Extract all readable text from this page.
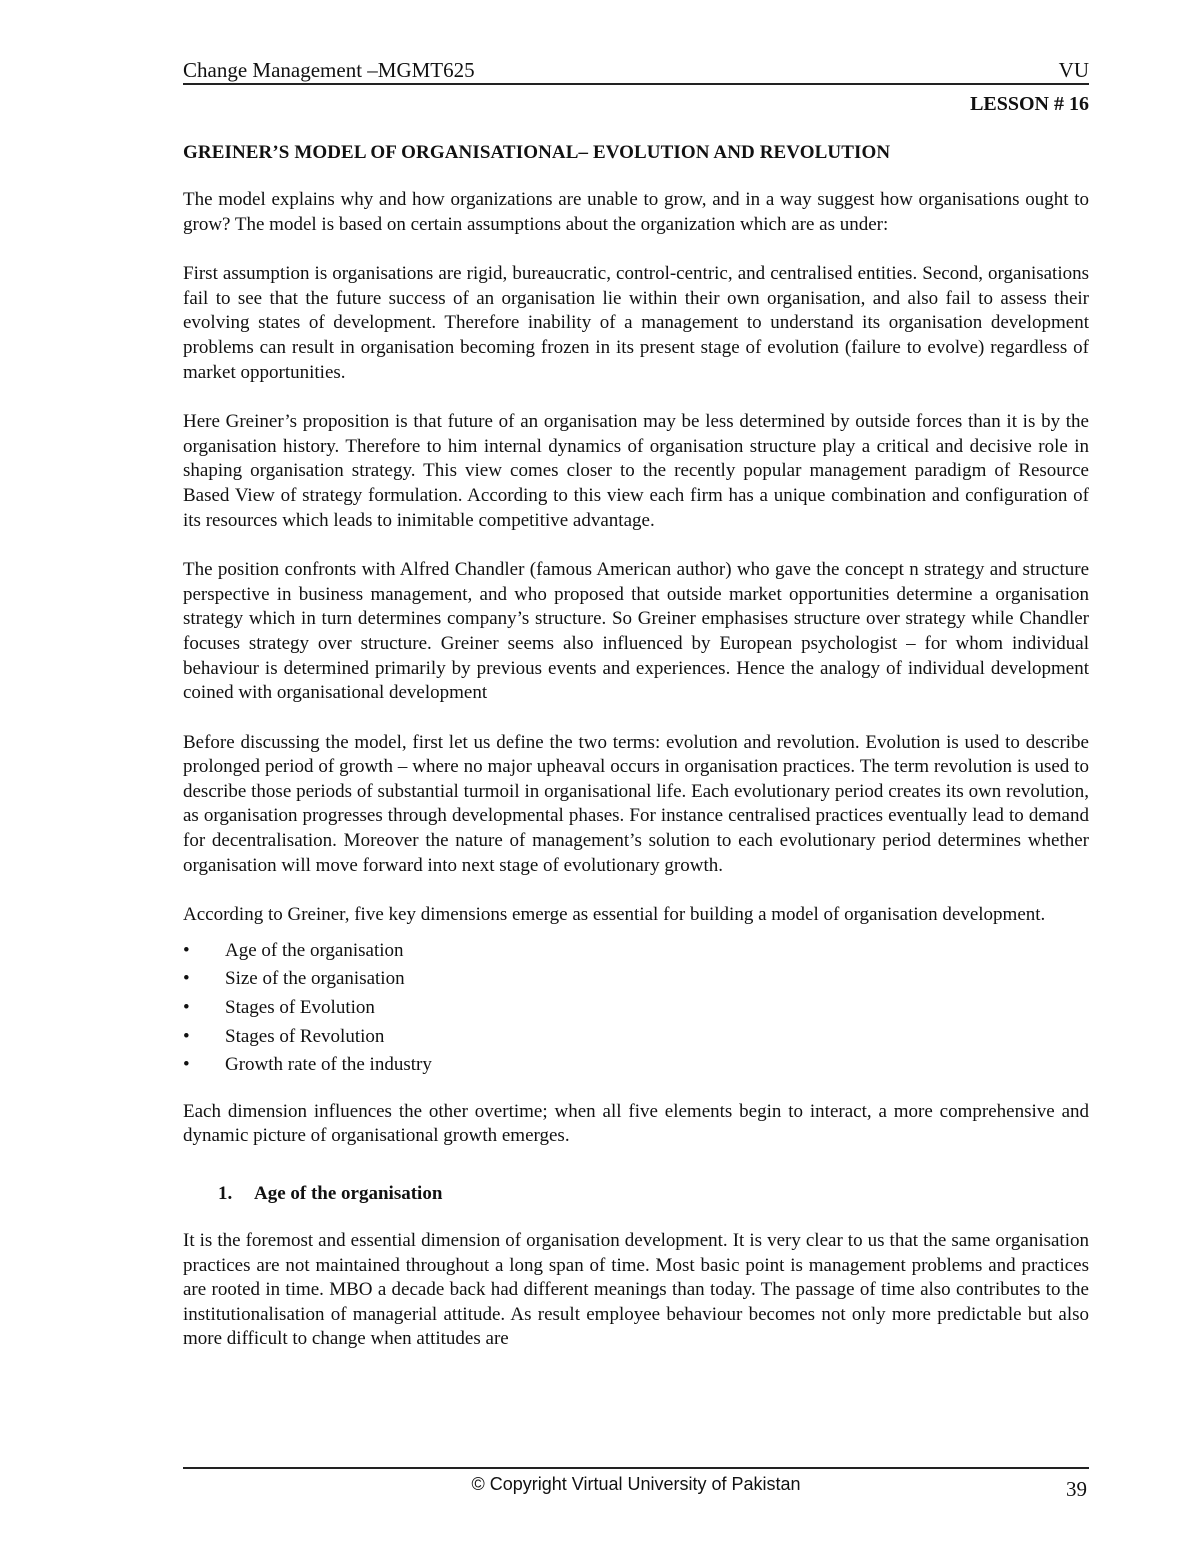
Change Management –MGMT625	VU
LESSON # 16
GREINER’S MODEL OF ORGANISATIONAL– EVOLUTION AND REVOLUTION

The model explains why and how organizations are unable to grow, and in a way suggest how organisations ought to grow? The model is based on certain assumptions about the organization which are as under:

First assumption is organisations are rigid, bureaucratic, control-centric, and centralised entities. Second, organisations fail to see that the future success of an organisation lie within their own organisation, and also fail to assess their evolving states of development. Therefore inability of a management to understand its organisation development problems can result in organisation becoming frozen in its present stage of evolution (failure to evolve) regardless of market opportunities.

Here Greiner’s proposition is that future of an organisation may be less determined by outside forces than it is by the organisation history. Therefore to him internal dynamics of organisation structure play a critical and decisive role in shaping organisation strategy. This view comes closer to the recently popular management paradigm of Resource Based View of strategy formulation. According to this view each firm has a unique combination and configuration of its resources which leads to inimitable competitive advantage.

The position confronts with Alfred Chandler (famous American author) who gave the concept n strategy and structure perspective in business management, and who proposed that outside market opportunities determine a organisation strategy which in turn determines company’s structure. So Greiner emphasises structure over strategy while Chandler focuses strategy over structure. Greiner seems also influenced by European psychologist – for whom individual behaviour is determined primarily by previous events and experiences. Hence the analogy of individual development coined with organisational development

Before discussing the model, first let us define the two terms: evolution and revolution. Evolution is used to describe prolonged period of growth – where no major upheaval occurs in organisation practices. The term revolution is used to describe those periods of substantial turmoil in organisational life. Each evolutionary period creates its own revolution, as organisation progresses through developmental phases. For instance centralised practices eventually lead to demand for decentralisation. Moreover the nature of management’s solution to each evolutionary period determines whether organisation will move forward into next stage of evolutionary growth.

According to Greiner, five key dimensions emerge as essential for building a model of organisation development.

•	Age of the organisation
•	Size of the organisation
•	Stages of Evolution
•	Stages of Revolution
•	Growth rate of the industry

Each dimension influences the other overtime; when all five elements begin to interact, a more comprehensive and dynamic picture of organisational growth emerges.

1.	Age of the organisation

It is the foremost and essential dimension of organisation development. It is very clear to us that the same organisation practices are not maintained throughout a long span of time. Most basic point is management problems and practices are rooted in time. MBO a decade back had different meanings than today. The passage of time also contributes to the institutionalisation of managerial attitude. As result employee behaviour becomes not only more predictable but also more difficult to change when attitudes are

© Copyright Virtual University of Pakistan	39
